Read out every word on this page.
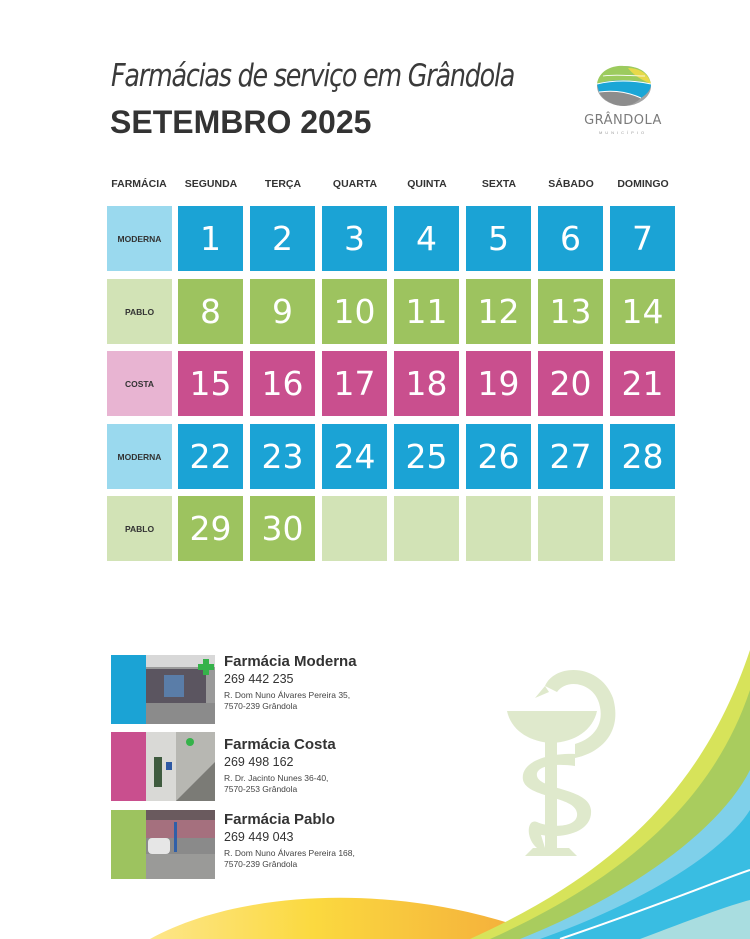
Farmácias de serviço em Grândola
SETEMBRO 2025	GRÂNDOLA
MUNICÍPIO
FARMÁCIA	SEGUNDA	TERÇA	QUARTA	QUINTA	SEXTA	SÁBADO	DOMINGO
MODERNA	1	2	3	4	5	6	7
PABLO	8	9	10 11 12 13 14
COSTA	15 16 17 18 19 20 21
MODERNA 22 23 24 25 26 27 28
PABLO	29 30
Farmácia Moderna
269 442 235
R. Dom Nuno Álvares Pereira 35,
7570-239 Grândola
Farmácia Costa
269 498 162
R. Dr. Jacinto Nunes 36-40,
7570-253 Grândola
Farmácia Pablo
269 449 043
R. Dom Nuno Álvares Pereira 168,
7570-239 Grândola
